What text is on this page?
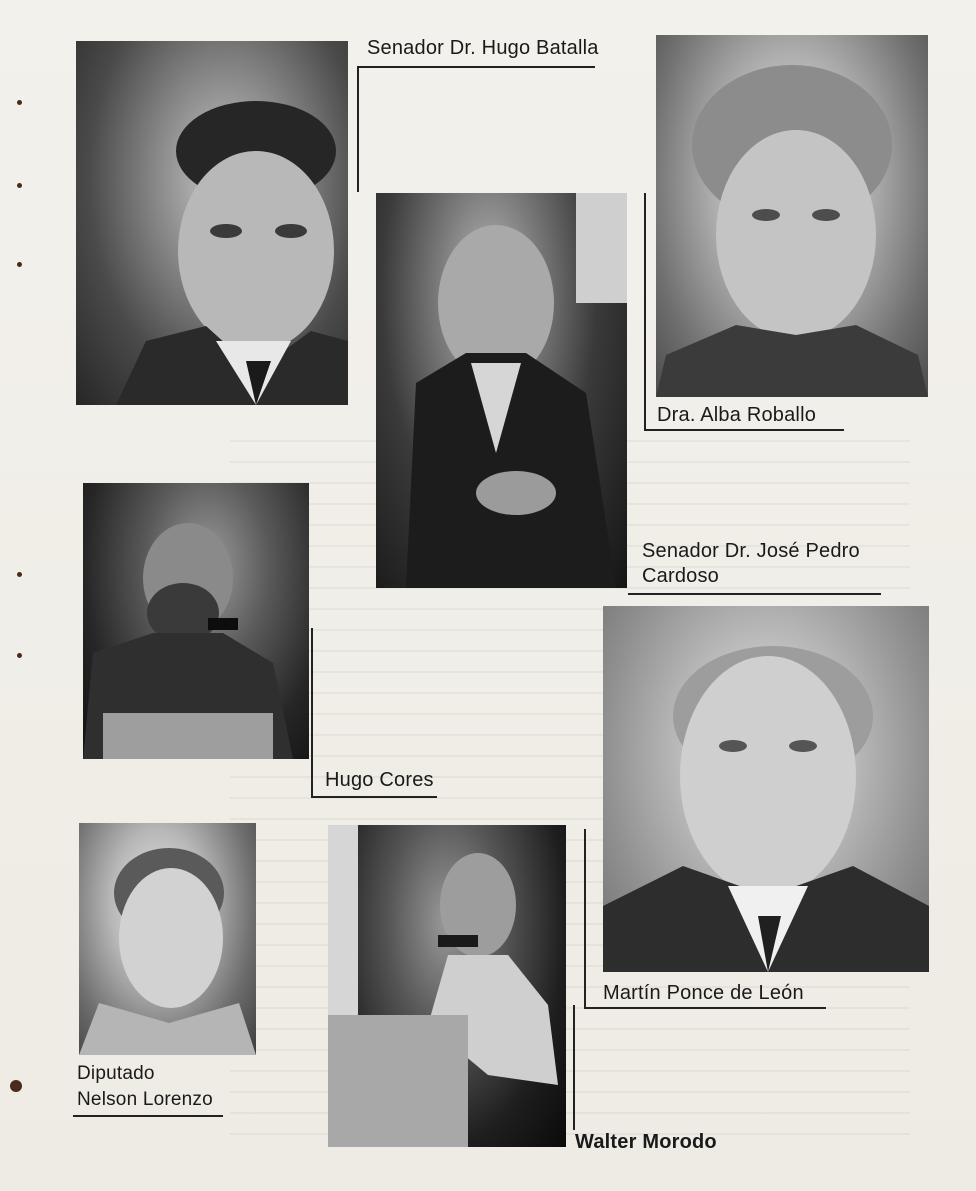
Senador Dr. Hugo Batalla
Dra. Alba Roballo
Senador Dr. José Pedro
Cardoso
Hugo Cores
Martín Ponce de León
Diputado
Nelson Lorenzo
Walter Morodo
